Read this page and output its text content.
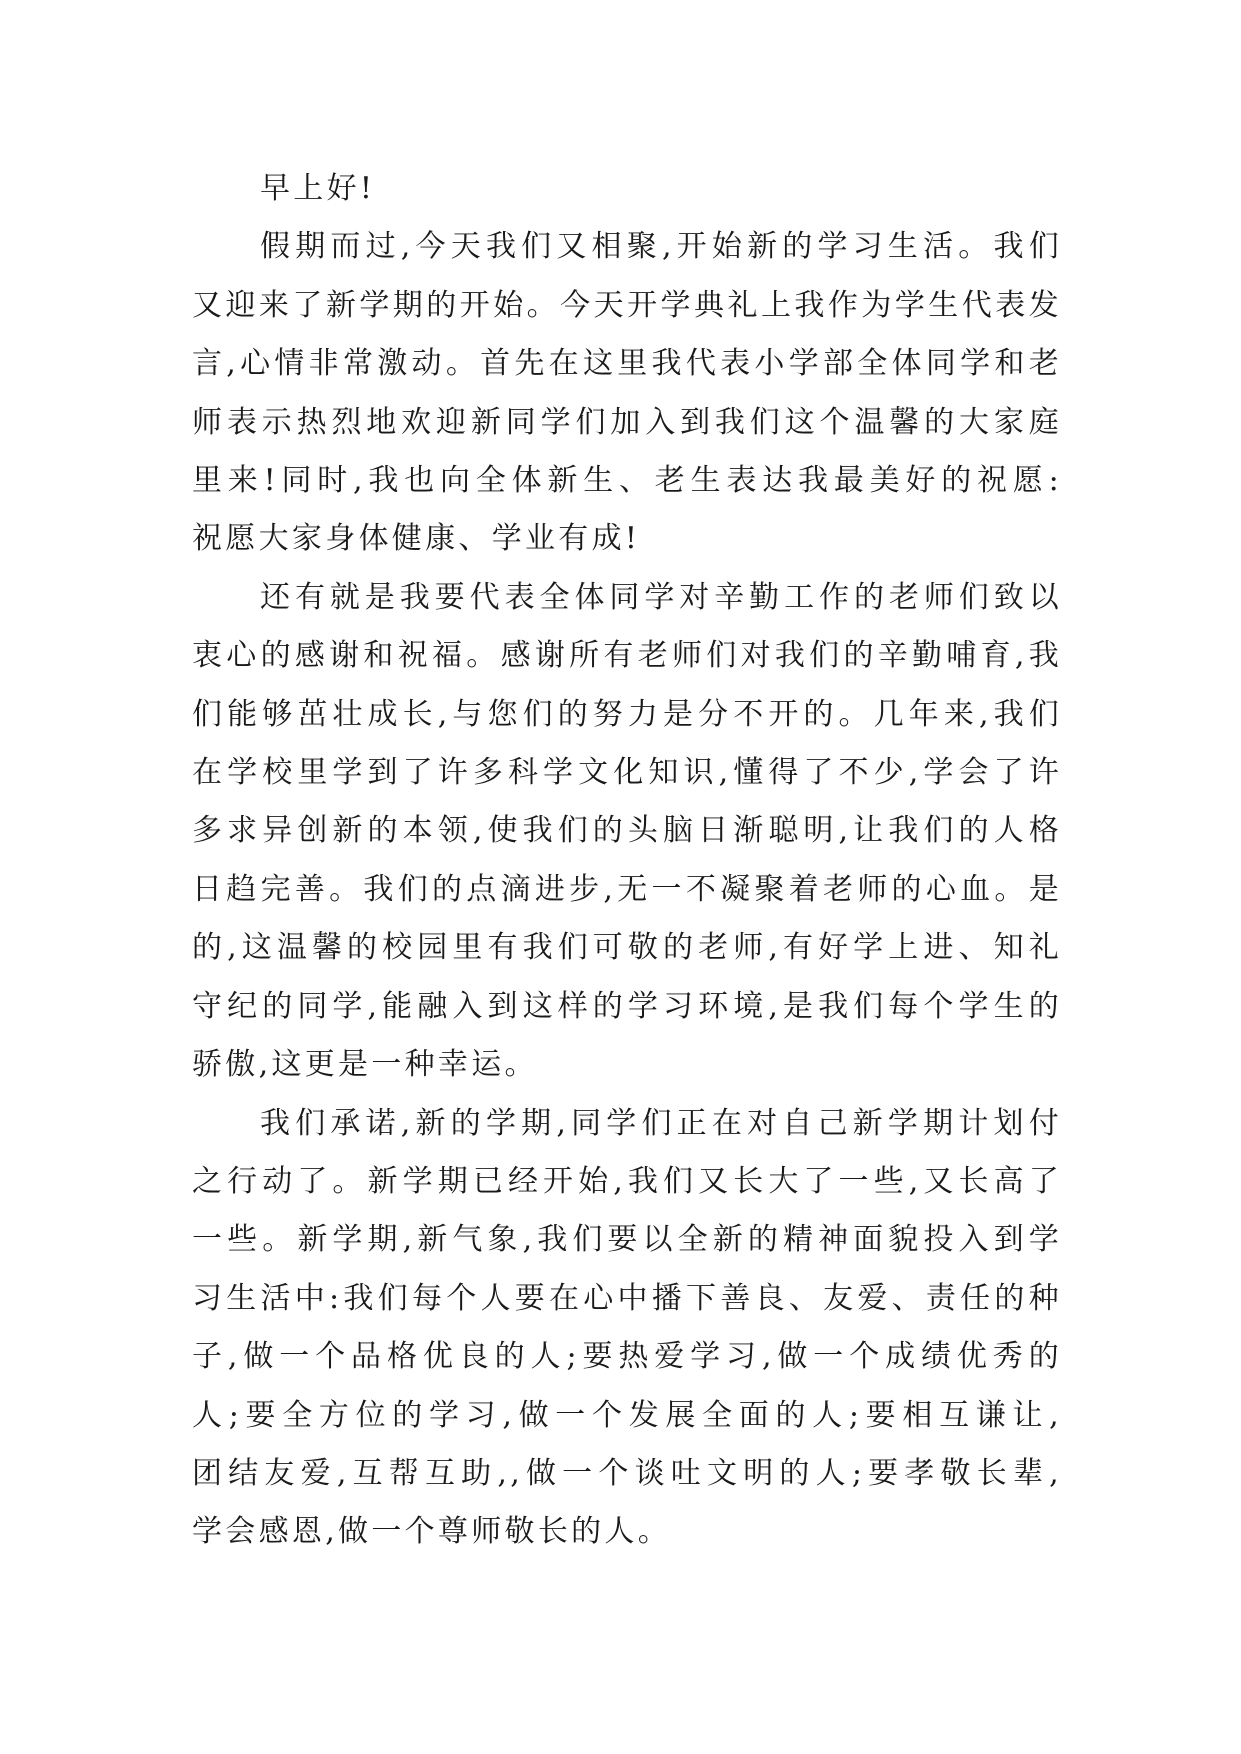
早上好!
假期而过,今天我们又相聚,开始新的学习生活。我们
又迎来了新学期的开始。今天开学典礼上我作为学生代表发
言,心情非常激动。首先在这里我代表小学部全体同学和老
师表示热烈地欢迎新同学们加入到我们这个温馨的大家庭
里来!同时,我也向全体新生、老生表达我最美好的祝愿:
祝愿大家身体健康、学业有成!
还有就是我要代表全体同学对辛勤工作的老师们致以
衷心的感谢和祝福。感谢所有老师们对我们的辛勤哺育,我
们能够茁壮成长,与您们的努力是分不开的。几年来,我们
在学校里学到了许多科学文化知识,懂得了不少,学会了许
多求异创新的本领,使我们的头脑日渐聪明,让我们的人格
日趋完善。我们的点滴进步,无一不凝聚着老师的心血。是
的,这温馨的校园里有我们可敬的老师,有好学上进、知礼
守纪的同学,能融入到这样的学习环境,是我们每个学生的
骄傲,这更是一种幸运。
我们承诺,新的学期,同学们正在对自己新学期计划付
之行动了。新学期已经开始,我们又长大了一些,又长高了
一些。新学期,新气象,我们要以全新的精神面貌投入到学
习生活中:我们每个人要在心中播下善良、友爱、责任的种
子,做一个品格优良的人;要热爱学习,做一个成绩优秀的
人;要全方位的学习,做一个发展全面的人;要相互谦让,
团结友爱,互帮互助,,做一个谈吐文明的人;要孝敬长辈,
学会感恩,做一个尊师敬长的人。
